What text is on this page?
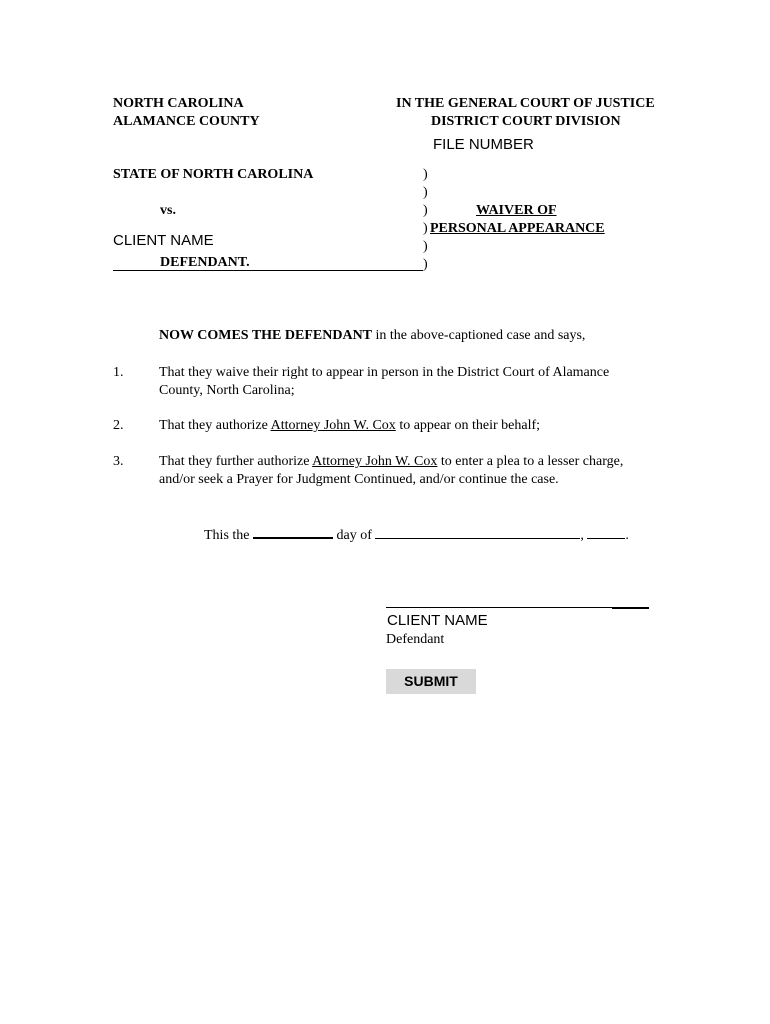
NORTH CAROLINA
ALAMANCE COUNTY
IN THE GENERAL COURT OF JUSTICE
DISTRICT COURT DIVISION
FILE NUMBER
STATE OF NORTH CAROLINA
vs.
CLIENT NAME
DEFENDANT.
)
)
)
)
)
)
WAIVER OF
PERSONAL APPEARANCE
NOW COMES THE DEFENDANT in the above-captioned case and says,
1.	That they waive their right to appear in person in the District Court of Alamance County, North Carolina;
2.	That they authorize Attorney John W. Cox to appear on their behalf;
3.	That they further authorize Attorney John W. Cox to enter a plea to a lesser charge, and/or seek a Prayer for Judgment Continued, and/or continue the case.
This the	day of	,	.
CLIENT NAME
Defendant
SUBMIT
